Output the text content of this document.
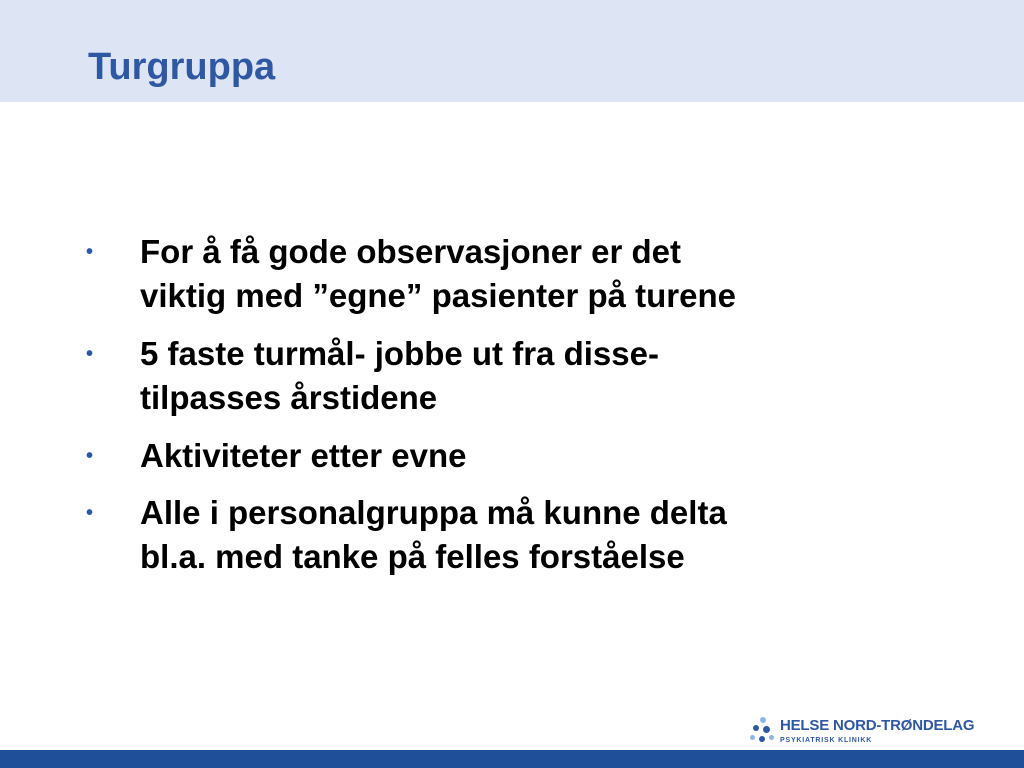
Turgruppa
• For å få gode observasjoner er det
viktig med ”egne” pasienter på turene
• 5 faste turmål- jobbe ut fra disse-
tilpasses årstidene
• Aktiviteter etter evne
• Alle i personalgruppa må kunne delta
bl.a. med tanke på felles forståelse
HELSE NORD-TRØNDELAG
PSYKIATRISK KLINIKK
